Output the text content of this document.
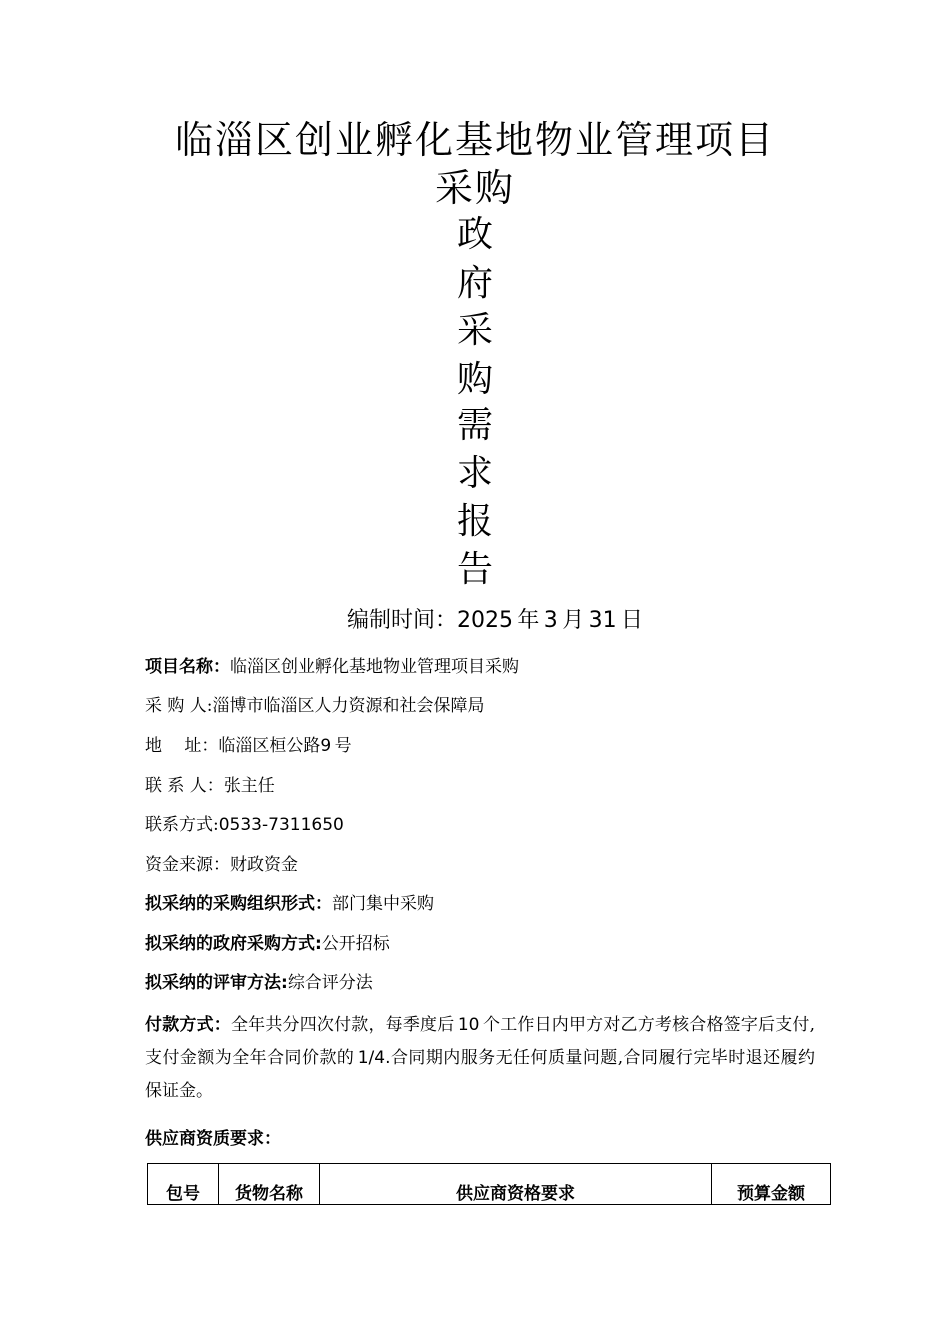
临淄区创业孵化基地物业管理项目
采购
政
府
采
购
需
求
报
告
编制时间：2025  年  3  月  31  日
项目名称：临淄区创业孵化基地物业管理项目采购
采 购 人:淄博市临淄区人力资源和社会保障局
地　 址：临淄区桓公路9  号
联 系 人：张主任
联系方式:0533-7311650
资金来源：财政资金
拟采纳的采购组织形式：部门集中采购
拟采纳的政府采购方式:公开招标
拟采纳的评审方法:综合评分法
付款方式：全年共分四次付款，每季度后  10  个工作日内甲方对乙方考核合格签字后支付,支付金额为全年合同价款的  1/4.合同期内服务无任何质量问题,合同履行完毕时退还履约保证金。
供应商资质要求：
包号	货物名称	供应商资格要求	预算金额
